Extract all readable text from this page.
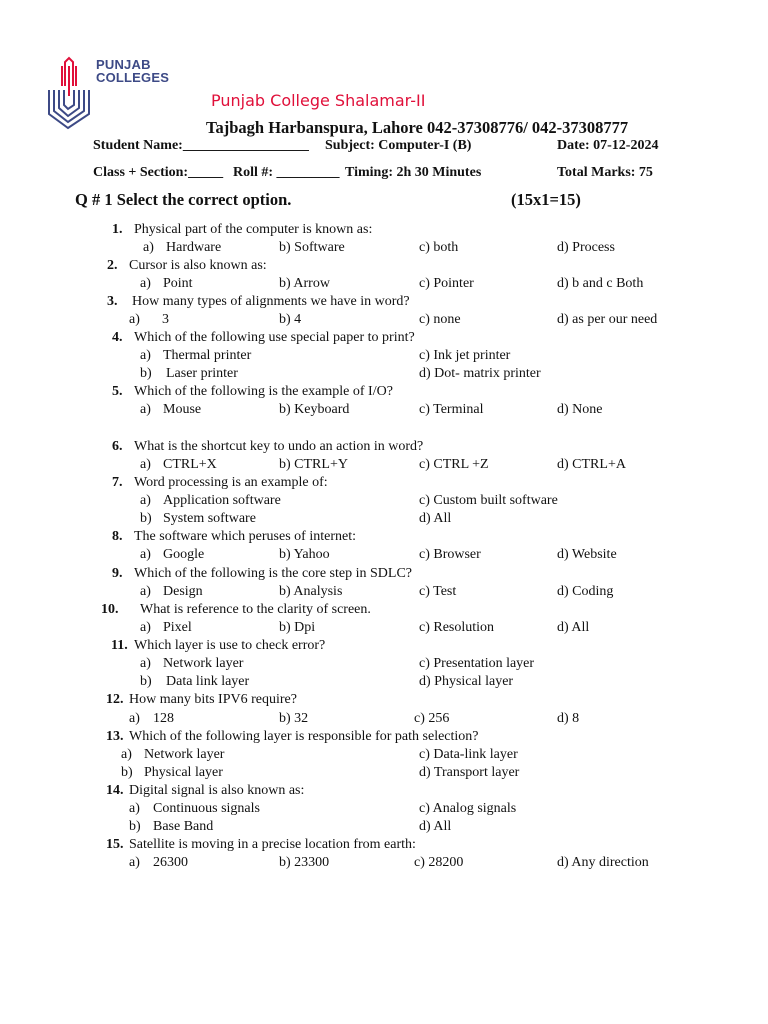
PUNJAB
COLLEGES
Punjab College Shalamar-II
Tajbagh Harbanspura, Lahore 042-37308776/ 042-37308777
Student Name:__________________ Subject: Computer-I (B)	Date: 07-12-2024
Class + Section:_____ Roll #: _________ Timing: 2h 30 Minutes	Total Marks: 75
Q # 1 Select the correct option.	(15x1=15)
1. Physical part of the computer is known as:
a) Hardware	b) Software	c) both	d) Process
2. Cursor is also known as:
a) Point	b) Arrow	c) Pointer	d) b and c Both
3. How many types of alignments we have in word?
a) 3	b) 4	c) none	d) as per our need
4. Which of the following use special paper to print?
a) Thermal printer	c) Ink jet printer
b) Laser printer	d) Dot- matrix printer
5. Which of the following is the example of I/O?
a) Mouse	b) Keyboard	c) Terminal	d) None
6. What is the shortcut key to undo an action in word?
a) CTRL+X	b) CTRL+Y	c) CTRL +Z	d) CTRL+A
7. Word processing is an example of:
a) Application software	c) Custom built software
b) System software	d) All
8. The software which peruses of internet:
a) Google	b) Yahoo	c) Browser	d) Website
9. Which of the following is the core step in SDLC?
a) Design	b) Analysis	c) Test	d) Coding
10. What is reference to the clarity of screen.
a) Pixel	b) Dpi	c) Resolution	d) All
11. Which layer is use to check error?
a) Network layer	c) Presentation layer
b) Data link layer	d) Physical layer
12. How many bits IPV6 require?
a) 128	b) 32	c) 256	d) 8
13. Which of the following layer is responsible for path selection?
a) Network layer	c) Data-link layer
b) Physical layer	d) Transport layer
14. Digital signal is also known as:
a) Continuous signals	c) Analog signals
b) Base Band	d) All
15. Satellite is moving in a precise location from earth:
a) 26300	b) 23300	c) 28200	d) Any direction
